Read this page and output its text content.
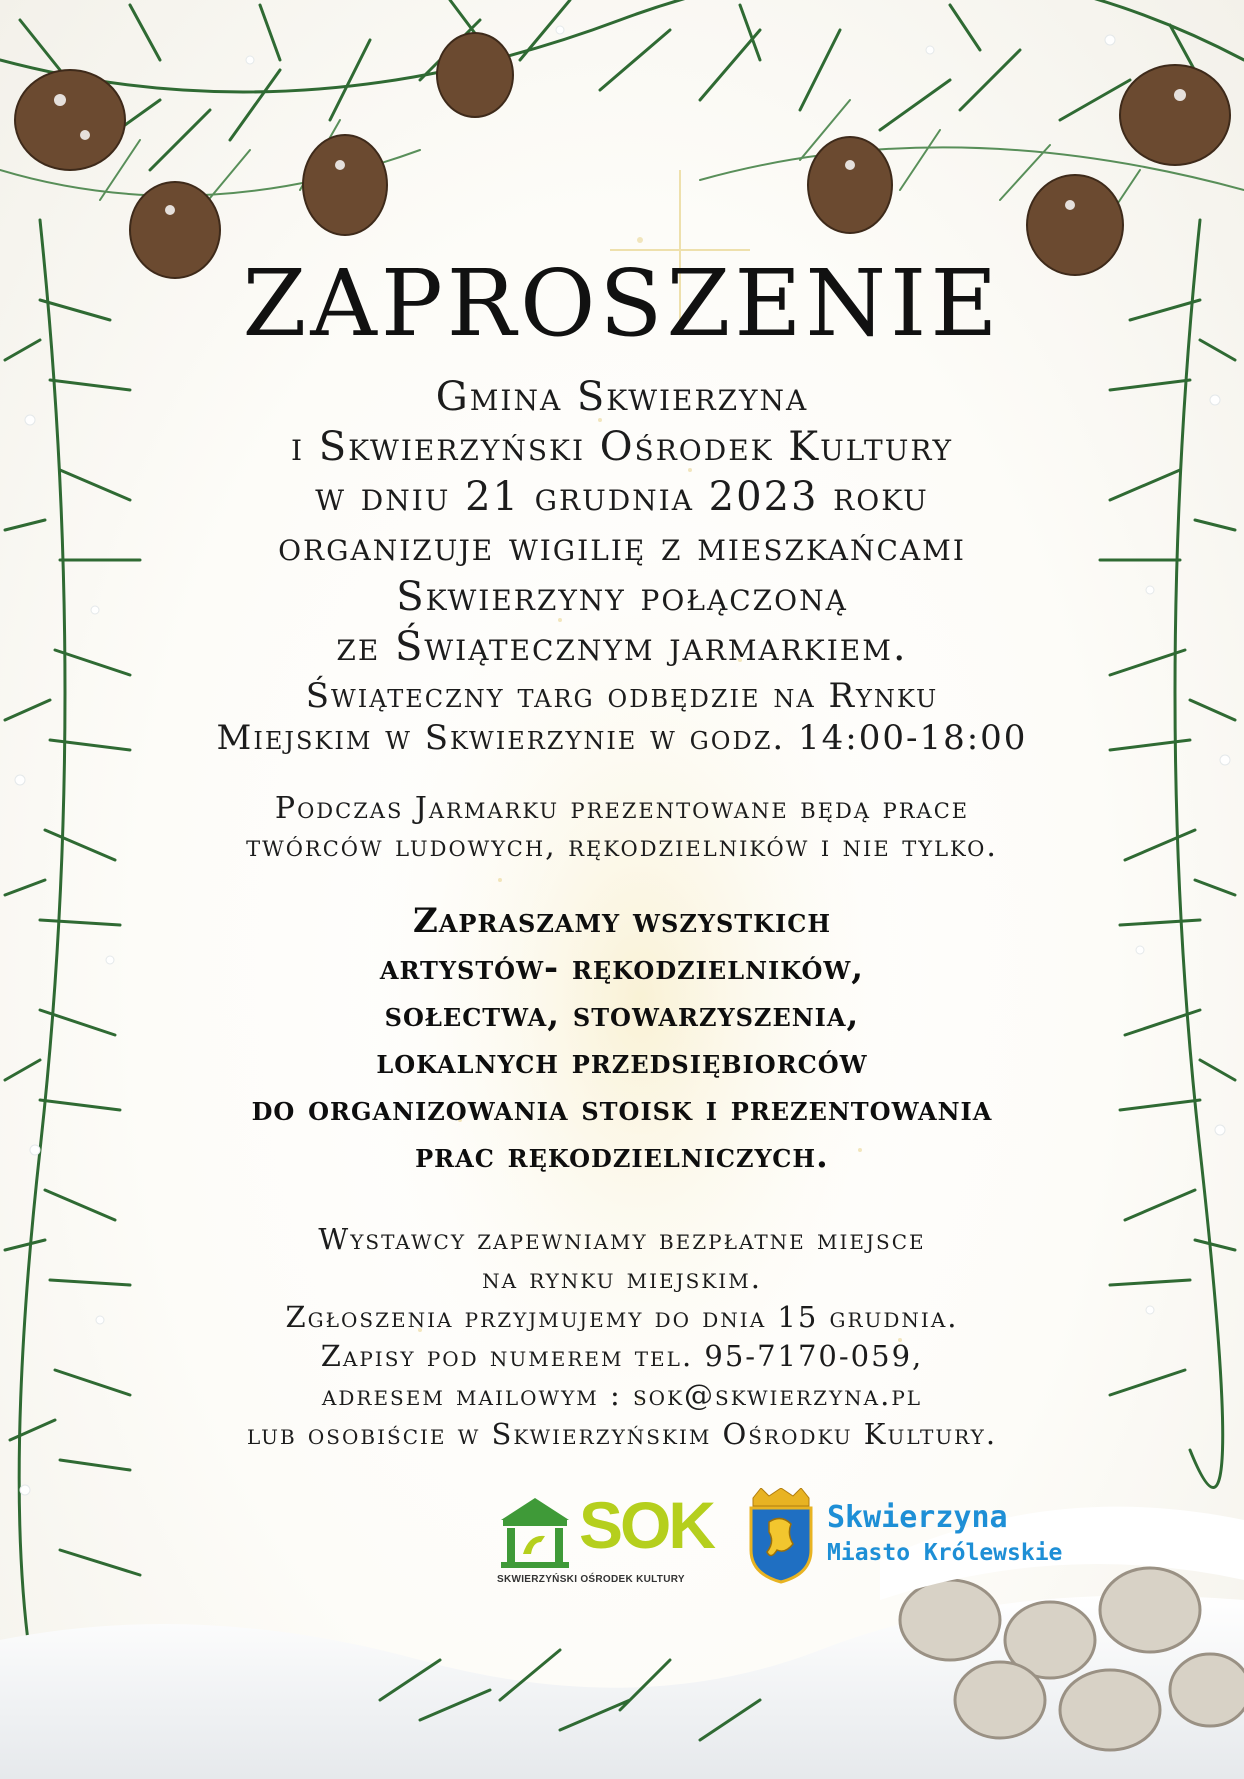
ZAPROSZENIE
Gmina Skwierzyna
i Skwierzyński Ośrodek Kultury
w dniu 21 grudnia 2023 roku
organizuje wigilię z mieszkańcami
Skwierzyny połączoną
ze Świątecznym jarmarkiem.
Świąteczny targ odbędzie na Rynku
Miejskim w Skwierzynie w godz. 14:00-18:00
Podczas Jarmarku prezentowane będą prace
twórców ludowych, rękodzielników i nie tylko.
Zapraszamy wszystkich
artystów- rękodzielników,
sołectwa, stowarzyszenia,
lokalnych przedsiębiorców
do organizowania stoisk i prezentowania
prac rękodzielniczych.
Wystawcy zapewniamy bezpłatne miejsce
na rynku miejskim.
Zgłoszenia przyjmujemy do dnia 15 grudnia.
Zapisy pod numerem tel. 95-7170-059,
adresem mailowym : sok@skwierzyna.pl
lub osobiście w Skwierzyńskim Ośrodku Kultury.
SOK
SKWIERZYŃSKI OŚRODEK KULTURY
Skwierzyna
Miasto Królewskie
